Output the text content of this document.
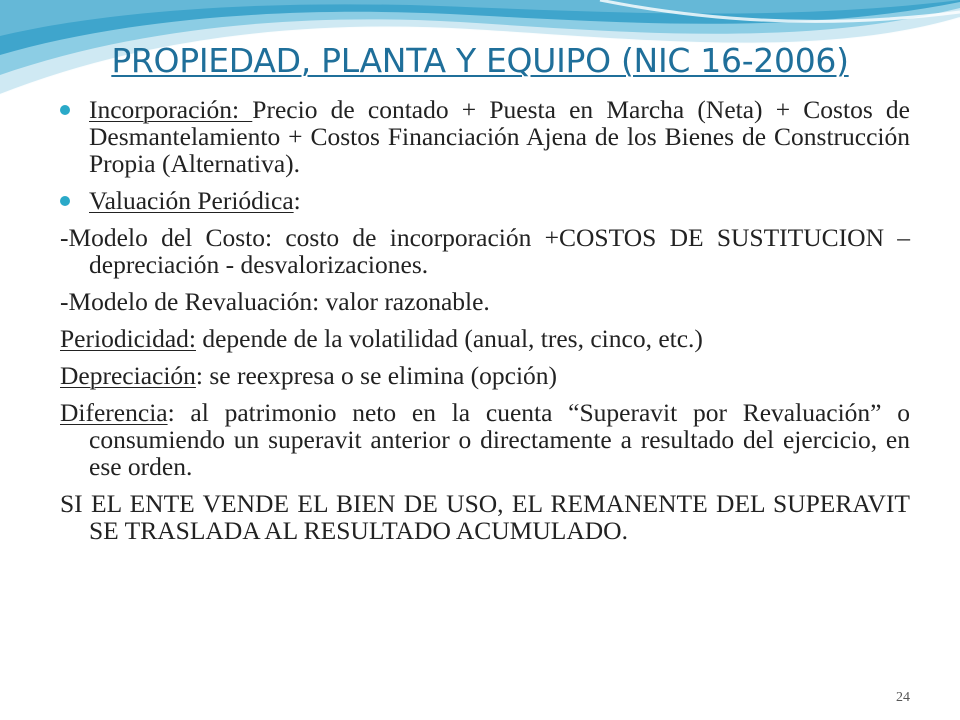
PROPIEDAD, PLANTA Y EQUIPO (NIC 16-2006)
Incorporación: Precio de contado + Puesta en Marcha (Neta) + Costos de Desmantelamiento + Costos Financiación Ajena de los Bienes de Construcción Propia (Alternativa).
Valuación Periódica:
-Modelo del Costo: costo de incorporación +COSTOS DE SUSTITUCION – depreciación - desvalorizaciones.
-Modelo de Revaluación: valor razonable.
Periodicidad: depende de la volatilidad (anual, tres, cinco, etc.)
Depreciación: se reexpresa o se elimina (opción)
Diferencia: al patrimonio neto en la cuenta “Superavit por Revaluación” o consumiendo un superavit anterior o directamente a resultado del ejercicio, en ese orden.
SI EL ENTE VENDE EL BIEN DE USO, EL REMANENTE DEL SUPERAVIT SE TRASLADA AL RESULTADO ACUMULADO.
24
